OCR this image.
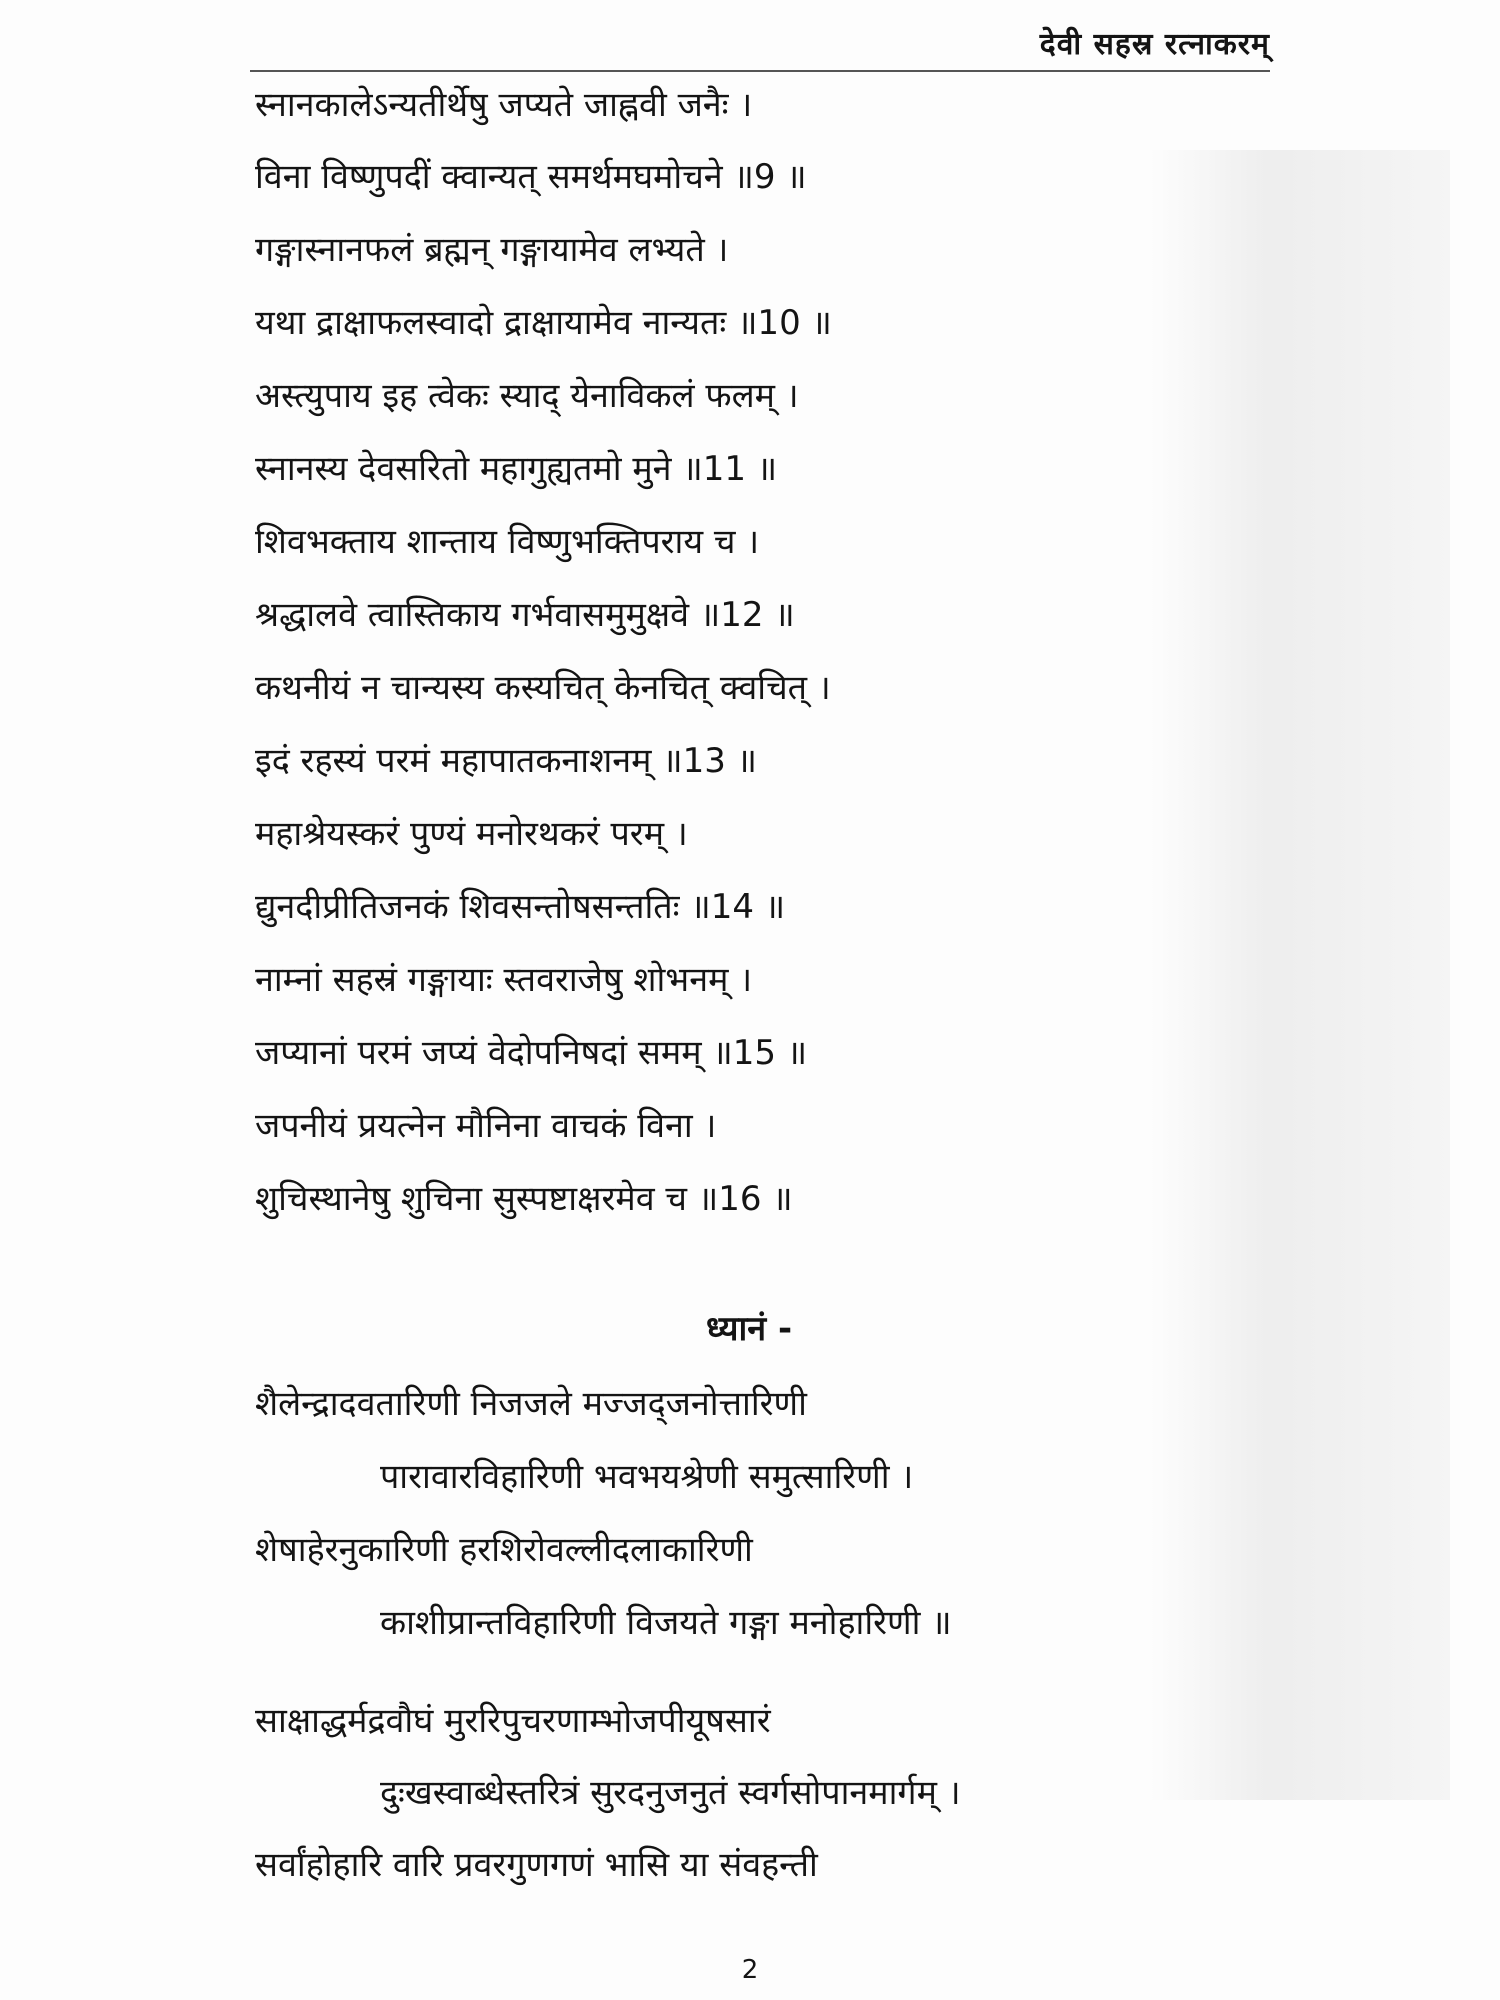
देवी सहस्र रत्नाकरम्
स्नानकालेऽन्यतीर्थेषु जप्यते जाह्नवी जनैः ।
विना विष्णुपदीं क्वान्यत् समर्थमघमोचने ॥9 ॥
गङ्गास्नानफलं ब्रह्मन् गङ्गायामेव लभ्यते ।
यथा द्राक्षाफलस्वादो द्राक्षायामेव नान्यतः ॥10 ॥
अस्त्युपाय इह त्वेकः स्याद् येनाविकलं फलम् ।
स्नानस्य देवसरितो महागुह्यतमो मुने ॥11 ॥
शिवभक्ताय शान्ताय विष्णुभक्तिपराय च ।
श्रद्धालवे त्वास्तिकाय गर्भवासमुमुक्षवे ॥12 ॥
कथनीयं न चान्यस्य कस्यचित् केनचित् क्वचित् ।
इदं रहस्यं परमं महापातकनाशनम् ॥13 ॥
महाश्रेयस्करं पुण्यं मनोरथकरं परम् ।
द्युनदीप्रीतिजनकं शिवसन्तोषसन्ततिः ॥14 ॥
नाम्नां सहस्रं गङ्गायाः स्तवराजेषु शोभनम् ।
जप्यानां परमं जप्यं वेदोपनिषदां समम् ॥15 ॥
जपनीयं प्रयत्नेन मौनिना वाचकं विना ।
शुचिस्थानेषु शुचिना सुस्पष्टाक्षरमेव च ॥16 ॥
ध्यानं -
शैलेन्द्रादवतारिणी निजजले मज्जद्जनोत्तारिणी
पारावारविहारिणी भवभयश्रेणी समुत्सारिणी ।
शेषाहेरनुकारिणी हरशिरोवल्लीदलाकारिणी
काशीप्रान्तविहारिणी विजयते गङ्गा मनोहारिणी ॥
साक्षाद्धर्मद्रवौघं मुररिपुचरणाम्भोजपीयूषसारं
दुःखस्वाब्धेस्तरित्रं सुरदनुजनुतं स्वर्गसोपानमार्गम् ।
सर्वांहोहारि वारि प्रवरगुणगणं भासि या संवहन्ती
2
